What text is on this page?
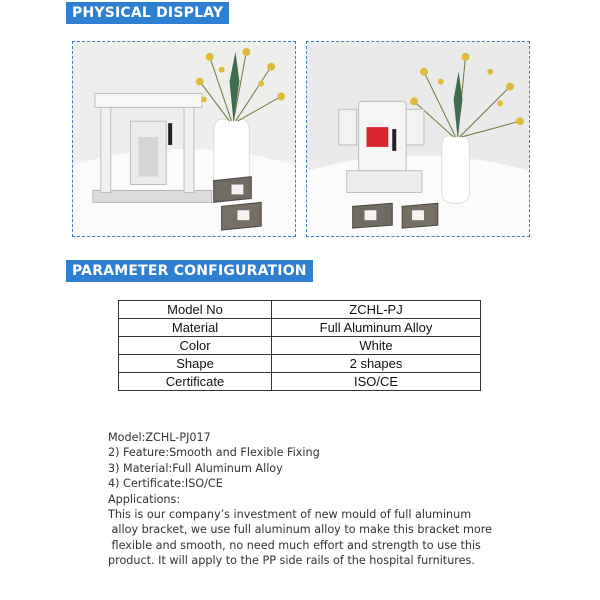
PHYSICAL DISPLAY
PARAMETER CONFIGURATION
Model No	ZCHL-PJ
Material	Full Aluminum Alloy
Color	White
Shape	2 shapes
Certificate	ISO/CE
Model:ZCHL-PJ017
2) Feature:Smooth and Flexible Fixing
3) Material:Full Aluminum Alloy
4) Certificate:ISO/CE
Applications:
This is our company’s investment of new mould of full aluminum
alloy bracket, we use full aluminum alloy to make this bracket more
flexible and smooth, no need much effort and strength to use this
product. It will apply to the PP side rails of the hospital furnitures.
